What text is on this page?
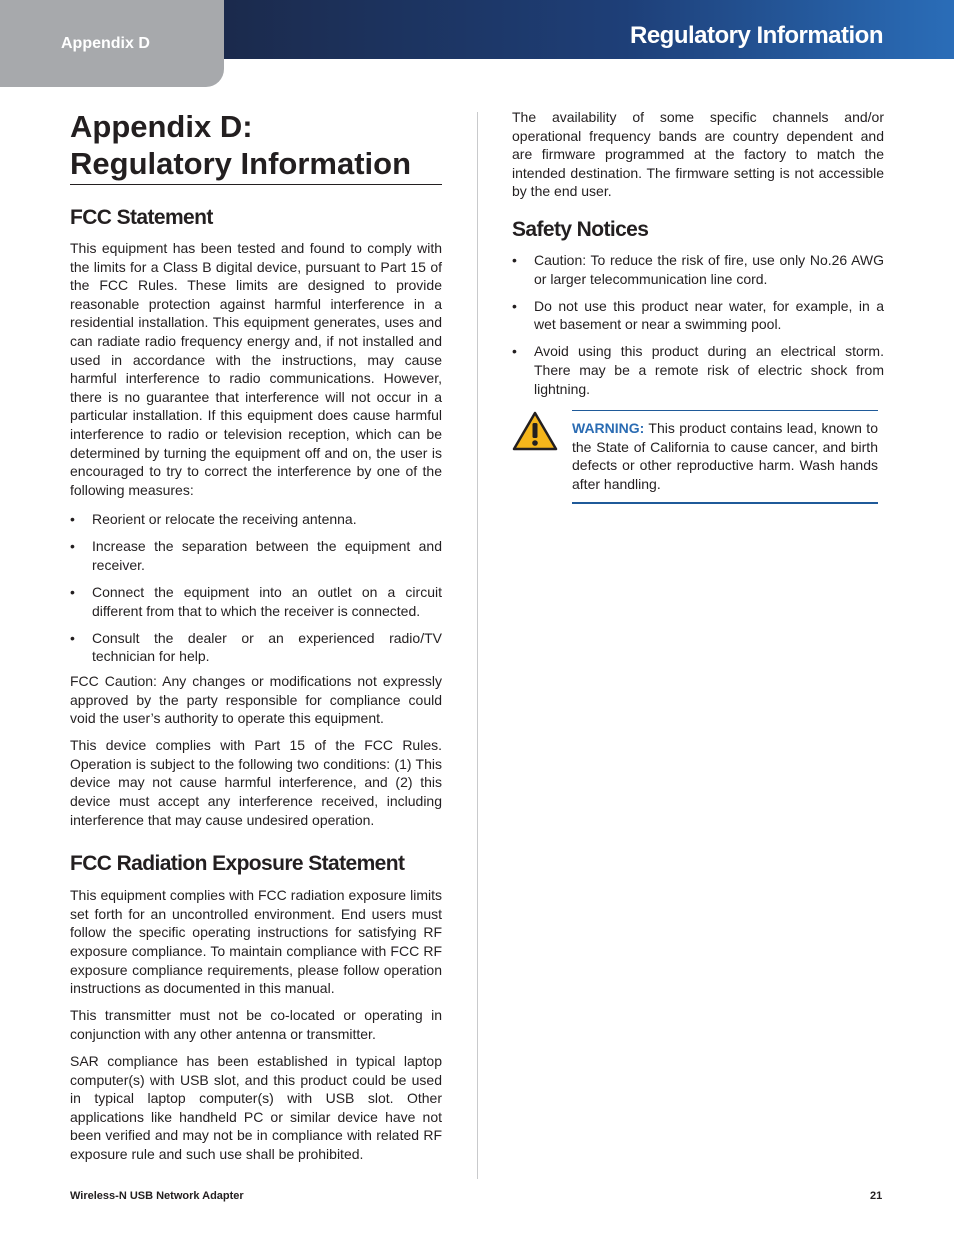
Appendix D	Regulatory Information
Appendix D:
Regulatory Information
FCC Statement

This equipment has been tested and found to comply with the limits for a Class B digital device, pursuant to Part 15 of the FCC Rules. These limits are designed to provide reasonable protection against harmful interference in a residential installation. This equipment generates, uses and can radiate radio frequency energy and, if not installed and used in accordance with the instructions, may cause harmful interference to radio communications. However, there is no guarantee that interference will not occur in a particular installation. If this equipment does cause harmful interference to radio or television reception, which can be determined by turning the equipment off and on, the user is encouraged to try to correct the interference by one of the following measures:

• Reorient or relocate the receiving antenna.
• Increase the separation between the equipment and receiver.
• Connect the equipment into an outlet on a circuit different from that to which the receiver is connected.
• Consult the dealer or an experienced radio/TV technician for help.

FCC Caution: Any changes or modifications not expressly approved by the party responsible for compliance could void the user’s authority to operate this equipment.

This device complies with Part 15 of the FCC Rules. Operation is subject to the following two conditions: (1) This device may not cause harmful interference, and (2) this device must accept any interference received, including interference that may cause undesired operation.

FCC Radiation Exposure Statement

This equipment complies with FCC radiation exposure limits set forth for an uncontrolled environment. End users must follow the specific operating instructions for satisfying RF exposure compliance. To maintain compliance with FCC RF exposure compliance requirements, please follow operation instructions as documented in this manual.

This transmitter must not be co-located or operating in conjunction with any other antenna or transmitter.

SAR compliance has been established in typical laptop computer(s) with USB slot, and this product could be used in typical laptop computer(s) with USB slot. Other applications like handheld PC or similar device have not been verified and may not be in compliance with related RF exposure rule and such use shall be prohibited.

The availability of some specific channels and/or operational frequency bands are country dependent and are firmware programmed at the factory to match the intended destination. The firmware setting is not accessible by the end user.

Safety Notices
• Caution: To reduce the risk of fire, use only No.26 AWG or larger telecommunication line cord.
• Do not use this product near water, for example, in a wet basement or near a swimming pool.
• Avoid using this product during an electrical storm. There may be a remote risk of electric shock from lightning.

WARNING: This product contains lead, known to the State of California to cause cancer, and birth defects or other reproductive harm. Wash hands after handling.

Wireless-N USB Network Adapter	21
